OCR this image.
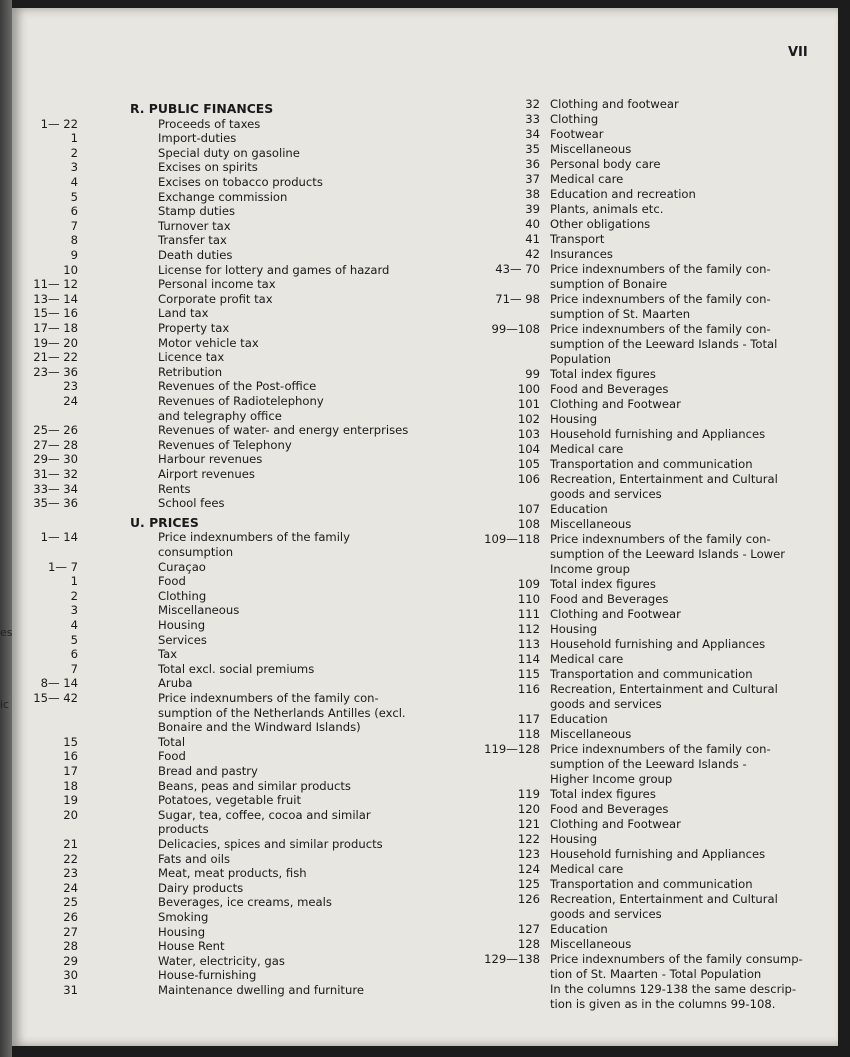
VII
R. PUBLIC FINANCES
1— 22	Proceeds of taxes
1	Import-duties
2	Special duty on gasoline
3	Excises on spirits
4	Excises on tobacco products
5	Exchange commission
6	Stamp duties
7	Turnover tax
8	Transfer tax
9	Death duties
10	License for lottery and games of hazard
11— 12	Personal income tax
13— 14	Corporate profit tax
15— 16	Land tax
17— 18	Property tax
19— 20	Motor vehicle tax
21— 22	Licence tax
23— 36	Retribution
23	Revenues of the Post-office
24	Revenues of Radiotelephony
and telegraphy office
25— 26	Revenues of water- and energy enterprises
27— 28	Revenues of Telephony
29— 30	Harbour revenues
31— 32	Airport revenues
33— 34	Rents
35— 36	School fees
U. PRICES
1— 14	Price indexnumbers of the family
consumption
1— 7	Curaçao
1	Food
2	Clothing
3	Miscellaneous
4	Housing
5	Services
6	Tax
7	Total excl. social premiums
8— 14	Aruba
15— 42	Price indexnumbers of the family con-
sumption of the Netherlands Antilles (excl.
Bonaire and the Windward Islands)
15	Total
16	Food
17	Bread and pastry
18	Beans, peas and similar products
19	Potatoes, vegetable fruit
20	Sugar, tea, coffee, cocoa and similar
products
21	Delicacies, spices and similar products
22	Fats and oils
23	Meat, meat products, fish
24	Dairy products
25	Beverages, ice creams, meals
26	Smoking
27	Housing
28	House Rent
29	Water, electricity, gas
30	House-furnishing
31	Maintenance dwelling and furniture
32 Clothing and footwear
33 Clothing
34 Footwear
35 Miscellaneous
36 Personal body care
37 Medical care
38 Education and recreation
39 Plants, animals etc.
40 Other obligations
41 Transport
42 Insurances
43— 70 Price indexnumbers of the family con-
sumption of Bonaire
71— 98 Price indexnumbers of the family con-
sumption of St. Maarten
99—108 Price indexnumbers of the family con-
sumption of the Leeward Islands - Total
Population
99 Total index figures
100 Food and Beverages
101 Clothing and Footwear
102 Housing
103 Household furnishing and Appliances
104 Medical care
105 Transportation and communication
106 Recreation, Entertainment and Cultural
goods and services
107 Education
108 Miscellaneous
109—118 Price indexnumbers of the family con-
sumption of the Leeward Islands - Lower
Income group
109 Total index figures
110 Food and Beverages
111 Clothing and Footwear
112 Housing
113 Household furnishing and Appliances
114 Medical care
115 Transportation and communication
116 Recreation, Entertainment and Cultural
goods and services
117 Education
118 Miscellaneous
119—128 Price indexnumbers of the family con-
sumption of the Leeward Islands -
Higher Income group
119 Total index figures
120 Food and Beverages
121 Clothing and Footwear
122 Housing
123 Household furnishing and Appliances
124 Medical care
125 Transportation and communication
126 Recreation, Entertainment and Cultural
goods and services
127 Education
128 Miscellaneous
129—138 Price indexnumbers of the family consump-
tion of St. Maarten - Total Population
In the columns 129-138 the same descrip-
tion is given as in the columns 99-108.
es
ic
